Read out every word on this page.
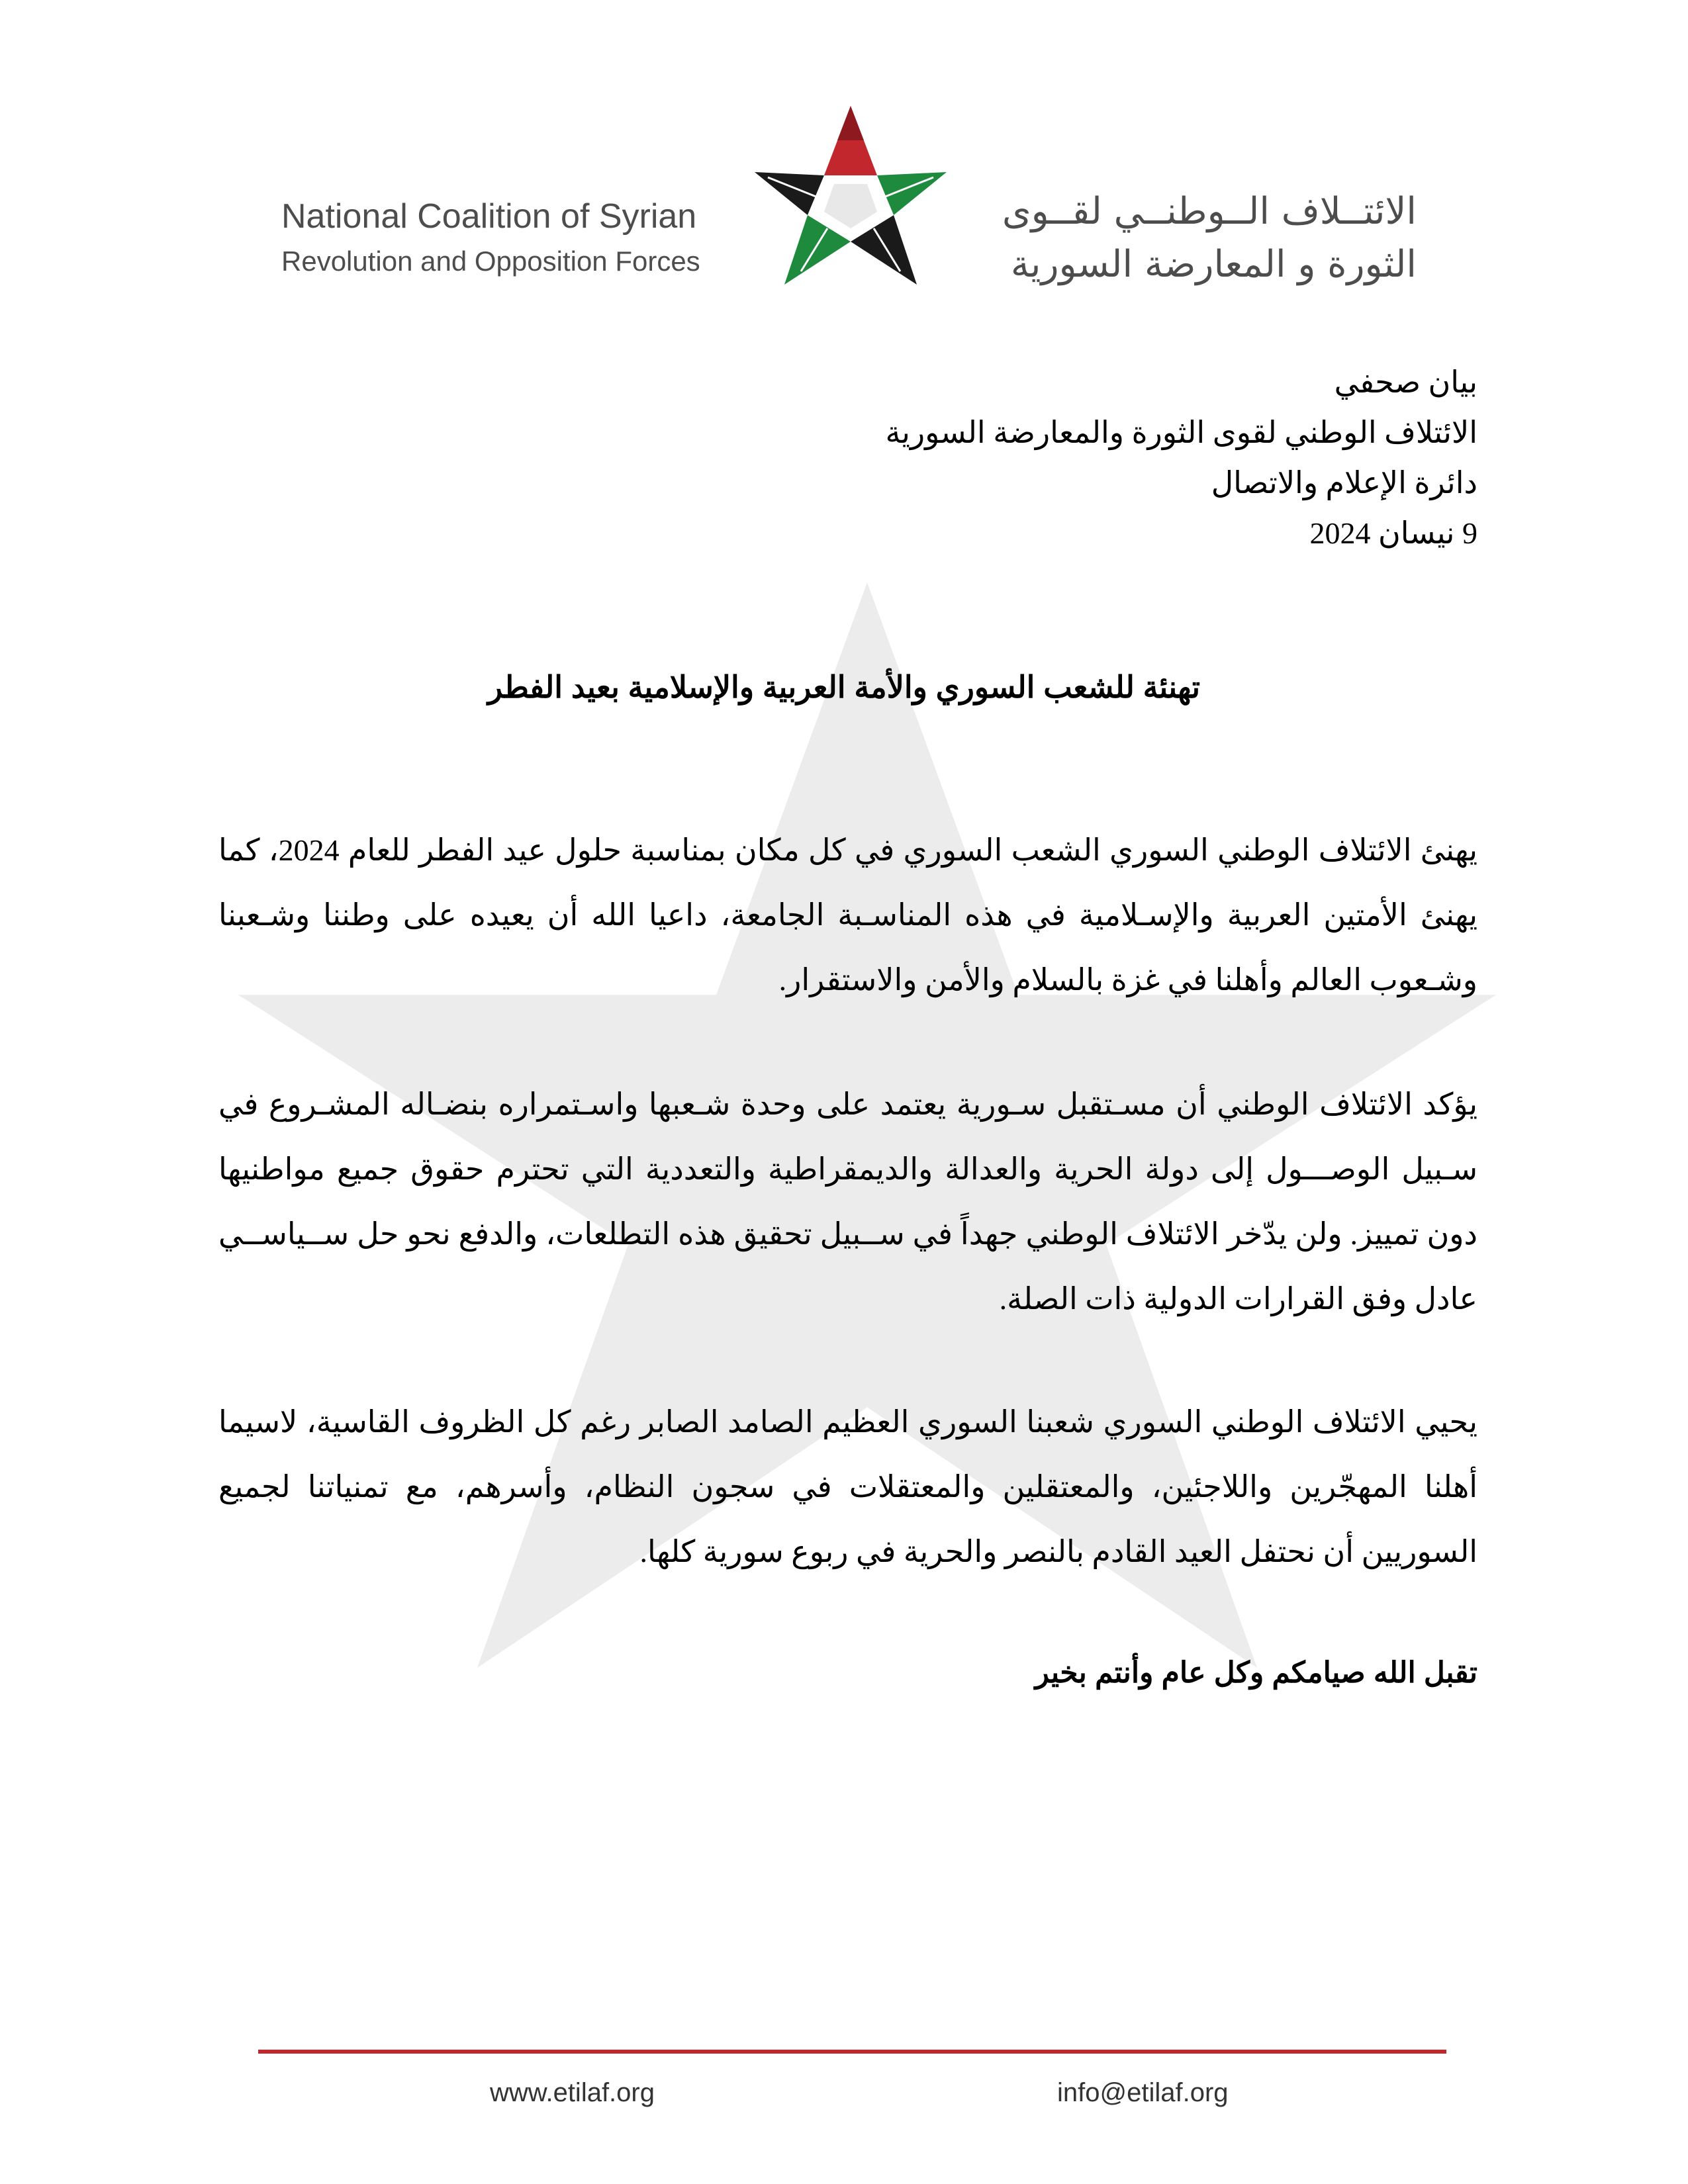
National Coalition of Syrian
Revolution and Opposition Forces
الائتــلاف الــوطنــي لقــوى
الثورة و المعارضة السورية
بيان صحفي
الائتلاف الوطني لقوى الثورة والمعارضة السورية
دائرة الإعلام والاتصال
9 نيسان 2024
تهنئة للشعب السوري والأمة العربية والإسلامية بعيد الفطر
يهنئ الائتلاف الوطني السوري الشعب السوري في كل مكان بمناسبة حلول عيد الفطر للعام 2024، كما يهنئ الأمتين العربية والإسـلامية في هذه المناسـبة الجامعة، داعيا الله أن يعيده على وطننا وشـعبنا وشـعوب العالم وأهلنا في غزة بالسلام والأمن والاستقرار.
يؤكد الائتلاف الوطني أن مسـتقبل سـورية يعتمد على وحدة شـعبها واسـتمراره بنضـاله المشـروع في سـبيل الوصـــول إلى دولة الحرية والعدالة والديمقراطية والتعددية التي تحترم حقوق جميع مواطنيها دون تمييز. ولن يدّخر الائتلاف الوطني جهداً في ســبيل تحقيق هذه التطلعات، والدفع نحو حل ســياســي عادل وفق القرارات الدولية ذات الصلة.
يحيي الائتلاف الوطني السوري شعبنا السوري العظيم الصامد الصابر رغم كل الظروف القاسية، لاسيما أهلنا المهجّرين واللاجئين، والمعتقلين والمعتقلات في سجون النظام، وأسرهم، مع تمنياتنا لجميع السوريين أن نحتفل العيد القادم بالنصر والحرية في ربوع سورية كلها.
تقبل الله صيامكم وكل عام وأنتم بخير
www.etilaf.org	info@etilaf.org
